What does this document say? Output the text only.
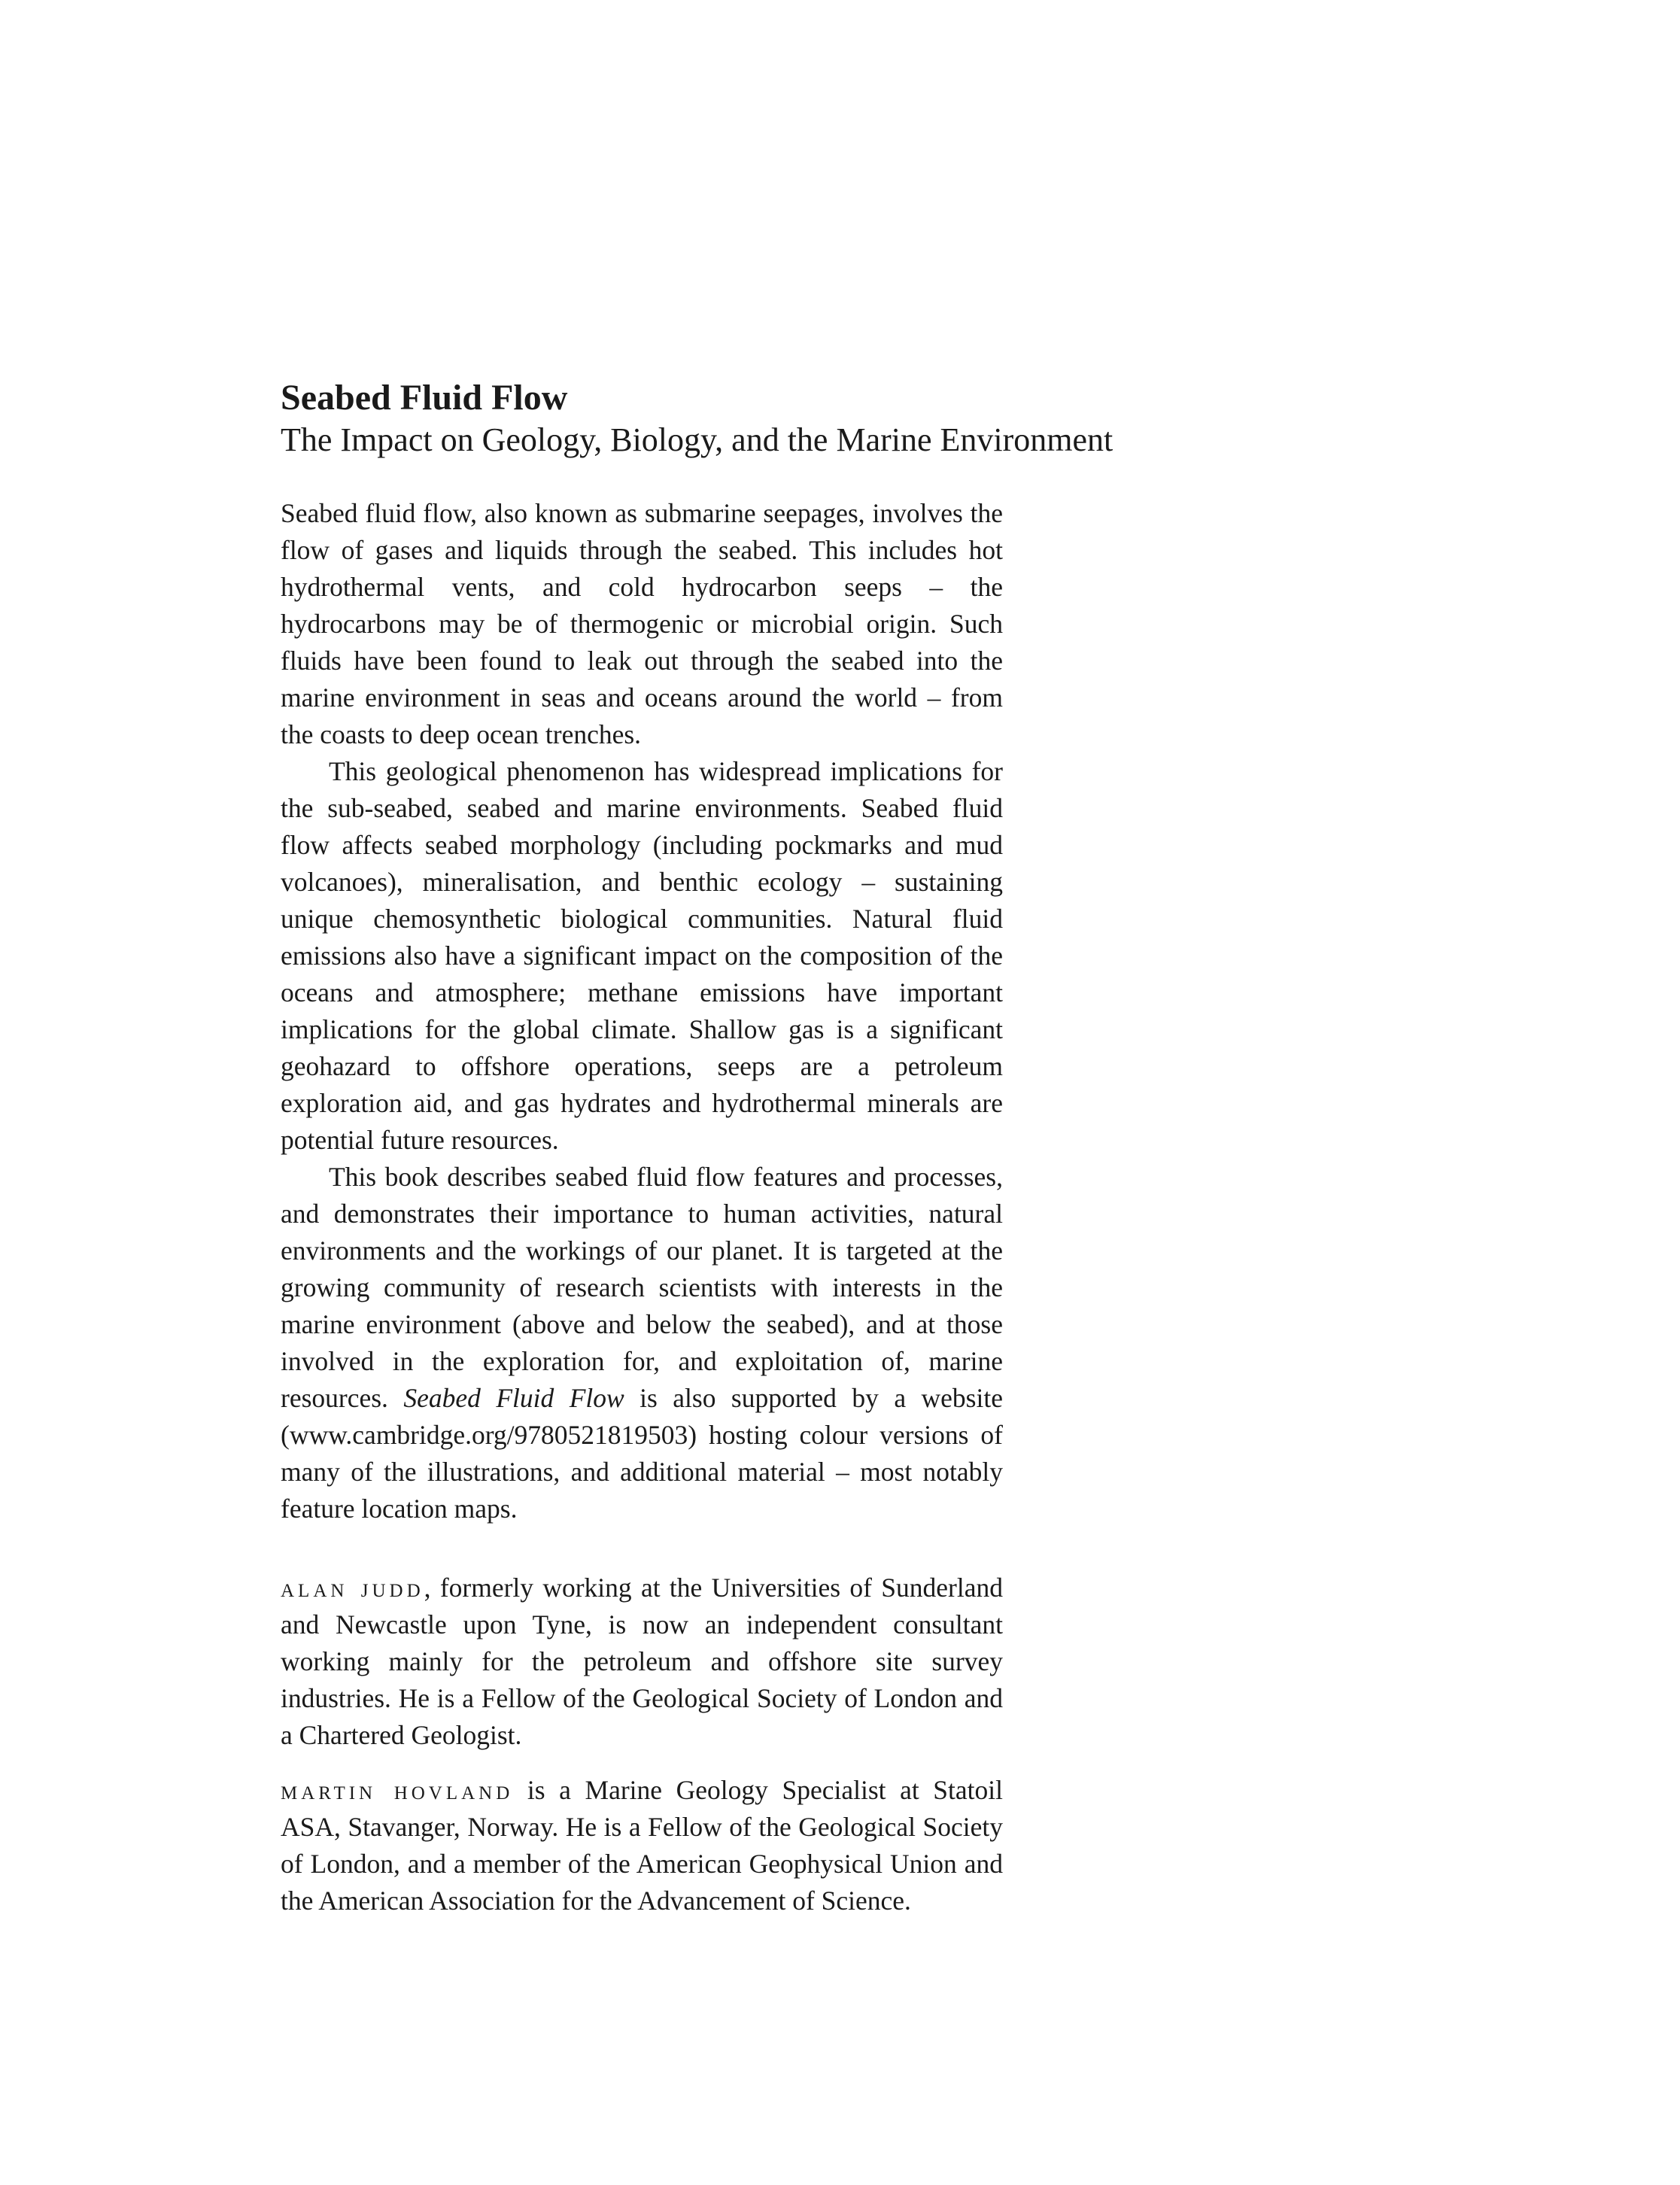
Seabed Fluid Flow
The Impact on Geology, Biology, and the Marine Environment

Seabed fluid flow, also known as submarine seepages, involves the flow of gases and liquids through the seabed. This includes hot hydrothermal vents, and cold hydrocarbon seeps – the hydrocarbons may be of thermogenic or microbial origin. Such fluids have been found to leak out through the seabed into the marine environment in seas and oceans around the world – from the coasts to deep ocean trenches.

This geological phenomenon has widespread implications for the sub-seabed, seabed and marine environments. Seabed fluid flow affects seabed morphology (including pockmarks and mud volcanoes), mineralisation, and benthic ecology – sustaining unique chemosynthetic biological communities. Natural fluid emissions also have a significant impact on the composition of the oceans and atmosphere; methane emissions have important implications for the global climate. Shallow gas is a significant geohazard to offshore operations, seeps are a petroleum exploration aid, and gas hydrates and hydrothermal minerals are potential future resources.

This book describes seabed fluid flow features and processes, and demonstrates their importance to human activities, natural environments and the workings of our planet. It is targeted at the growing community of research scientists with interests in the marine environment (above and below the seabed), and at those involved in the exploration for, and exploitation of, marine resources. Seabed Fluid Flow is also supported by a website (www.cambridge.org/9780521819503) hosting colour versions of many of the illustrations, and additional material – most notably feature location maps.

alan judd, formerly working at the Universities of Sunderland and Newcastle upon Tyne, is now an independent consultant working mainly for the petroleum and offshore site survey industries. He is a Fellow of the Geological Society of London and a Chartered Geologist.

martin hovland is a Marine Geology Specialist at Statoil ASA, Stavanger, Norway. He is a Fellow of the Geological Society of London, and a member of the American Geophysical Union and the American Association for the Advancement of Science.
